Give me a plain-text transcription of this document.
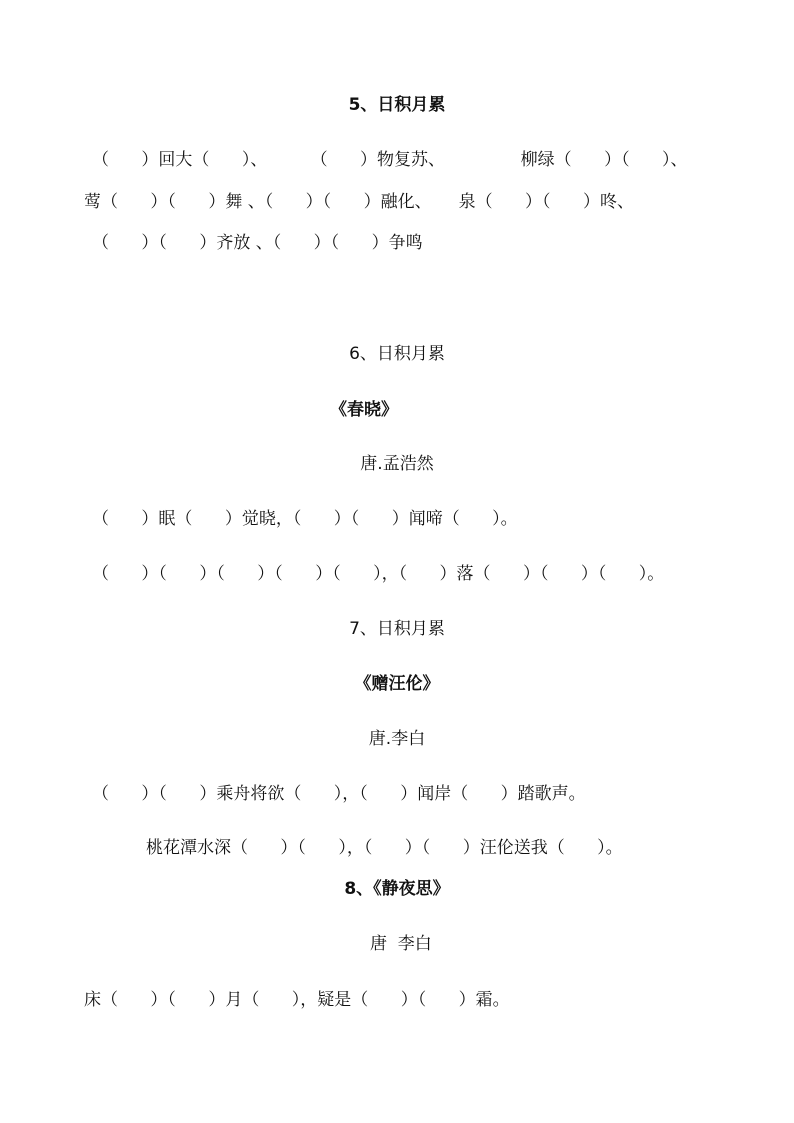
5、日积月累
（      ）回大（      ）、        （      ）物复苏、              柳绿（      ）（      ）、
莺（      ）（      ）舞 、（      ）（      ）融化、     泉（      ）（      ）咚、
（      ）（      ）齐放 、（      ）（      ）争鸣
6、日积月累
《春晓》
唐.孟浩然
（      ）眠（      ）觉晓，（      ）（      ）闻啼（      ）。
（      ）（      ）（      ）（      ）（      ），（      ）落（      ）（      ）（      ）。
7、日积月累
《赠汪伦》
唐.李白
（      ）（      ）乘舟将欲（      ），（      ）闻岸（      ）踏歌声。
桃花潭水深（      ）（      ），（      ）（      ）汪伦送我（      ）。
8、《静夜思》
唐  李白
床（      ）（      ）月（      ），疑是（      ）（      ）霜。
